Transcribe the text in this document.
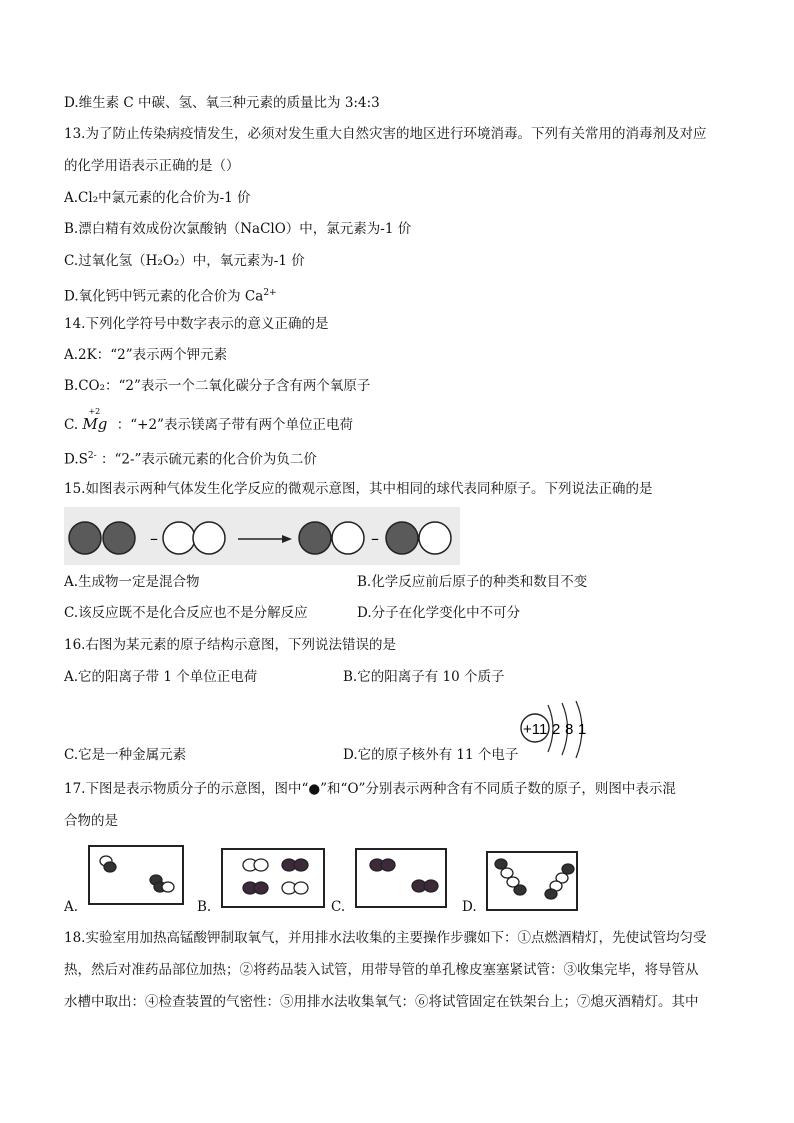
D.维生素 C 中碳、氢、氧三种元素的质量比为 3:4:3
13.为了防止传染病疫情发生，必须对发生重大自然灾害的地区进行环境消毒。下列有关常用的消毒剂及对应
的化学用语表示正确的是（）
A.Cl₂中氯元素的化合价为-1 价
B.漂白精有效成份次氯酸钠（NaClO）中，氯元素为-1 价
C.过氧化氢（H₂O₂）中，氧元素为-1 价
D.氧化钙中钙元素的化合价为 $Ca^{2+}$
14.下列化学符号中数字表示的意义正确的是
A.2K：“2”表示两个钾元素
B.CO₂：“2”表示一个二氧化碳分子含有两个氧原子
C.
+2
Mg ：“+2”表示镁离子带有两个单位正电荷
$D.S^{2-}$ ：“2-”表示硫元素的化合价为负二价
15.如图表示两种气体发生化学反应的微观示意图，其中相同的球代表同种原子。下列说法正确的是
–	–
A.生成物一定是混合物	B.化学反应前后原子的种类和数目不变
C.该反应既不是化合反应也不是分解反应	D.分子在化学变化中不可分
16.右图为某元素的原子结构示意图，下列说法错误的是
A.它的阳离子带 1 个单位正电荷	B.它的阳离子有 10 个质子
C.它是一种金属元素	D.它的原子核外有 11 个电子
+11 2 8 1
17.下图是表示物质分子的示意图，图中“●”和“O”分别表示两种含有不同质子数的原子，则图中表示混
合物的是
A.	B.	C.	D.
18.实验室用加热高锰酸钾制取氧气，并用排水法收集的主要操作步骤如下：①点燃酒精灯，先使试管均匀受
热，然后对准药品部位加热；②将药品装入试管，用带导管的单孔橡皮塞塞紧试管：③收集完毕，将导管从
水槽中取出：④检查装置的气密性：⑤用排水法收集氧气：⑥将试管固定在铁架台上；⑦熄灭酒精灯。其中
